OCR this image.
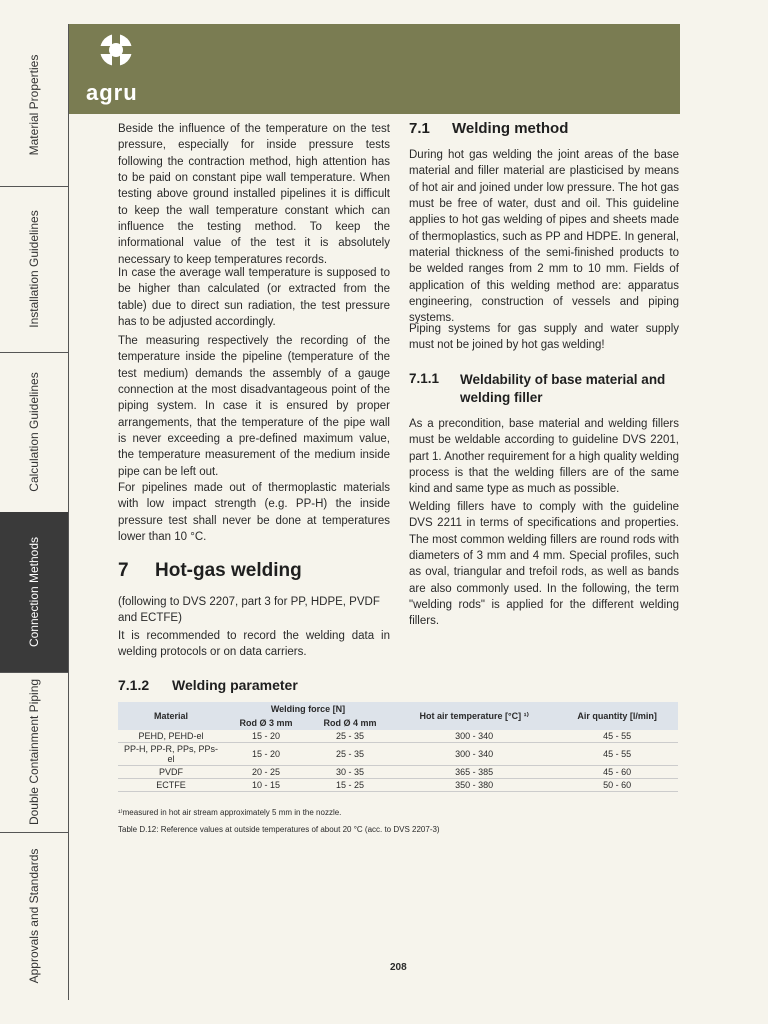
Material Properties
Installation Guidelines
Calculation Guidelines
Connection Methods
Double Containment Piping
Approvals and Standards
agru

Beside the influence of the temperature on the test pressure, especially for inside pressure tests following the contraction method, high attention has to be paid on constant pipe wall temperature. When testing above ground installed pipelines it is difficult to keep the wall temperature constant which can influence the testing method. To keep the informational value of the test it is absolutely necessary to keep temperatures records.

In case the average wall temperature is supposed to be higher than calculated (or extracted from the table) due to direct sun radiation, the test pressure has to be adjusted accordingly.

The measuring respectively the recording of the temperature inside the pipeline (temperature of the test medium) demands the assembly of a gauge connection at the most disadvantageous point of the piping system. In case it is ensured by proper arrangements, that the temperature of the pipe wall is never exceeding a pre-defined maximum value, the temperature measurement of the medium inside pipe can be left out.

For pipelines made out of thermoplastic materials with low impact strength (e.g. PP-H) the inside pressure test shall never be done at temperatures lower than 10 °C.

7 Hot-gas welding

(following to DVS 2207, part 3 for PP, HDPE, PVDF and ECTFE)

It is recommended to record the welding data in welding protocols or on data carriers.

7.1 Welding method

During hot gas welding the joint areas of the base material and filler material are plasticised by means of hot air and joined under low pressure. The hot gas must be free of water, dust and oil. This guideline applies to hot gas welding of pipes and sheets made of thermoplastics, such as PP and HDPE. In general, material thickness of the semi-finished products to be welded ranges from 2 mm to 10 mm. Fields of application of this welding method are: apparatus engineering, construction of vessels and piping systems.

Piping systems for gas supply and water supply must not be joined by hot gas welding!

7.1.1 Weldability of base material and welding filler

As a precondition, base material and welding fillers must be weldable according to guideline DVS 2201, part 1. Another requirement for a high quality welding process is that the welding fillers are of the same kind and same type as much as possible.

Welding fillers have to comply with the guideline DVS 2211 in terms of specifications and properties. The most common welding fillers are round rods with diameters of 3 mm and 4 mm. Special profiles, such as oval, triangular and trefoil rods, as well as bands are also commonly used. In the following, the term "welding rods" is applied for the different welding fillers.

7.1.2 Welding parameter
Material	Welding force [N]		Hot air temperature [°C] ¹⁾	Air quantity [l/min]
	Rod Ø 3 mm	Rod Ø 4 mm		
PEHD, PEHD-el	15 - 20	25 - 35	300 - 340	45 - 55
PP-H, PP-R, PPs, PPs-el	15 - 20	25 - 35	300 - 340	45 - 55
PVDF	20 - 25	30 - 35	365 - 385	45 - 60
ECTFE	10 - 15	15 - 25	350 - 380	50 - 60
¹⁾measured in hot air stream approximately 5 mm in the nozzle.
Table D.12: Reference values at outside temperatures of about 20 °C (acc. to DVS 2207-3)
208
